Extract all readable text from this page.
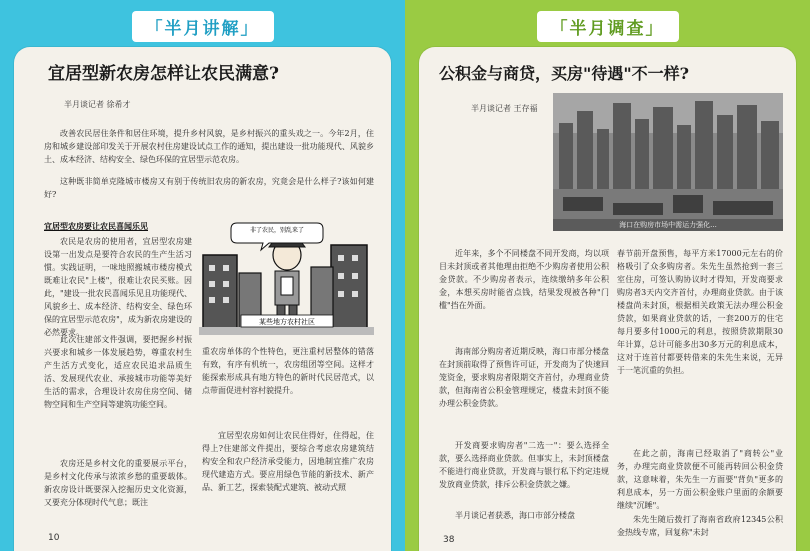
「半月讲解」
宜居型新农房怎样让农民满意?
半月谈记者 徐希才

改善农民居住条件和居住环境，提升乡村风貌，是乡村振兴的重头戏之一。今年2月，住房和城乡建设部印发关于开展农村住房建设试点工作的通知，提出建设一批功能现代、风貌乡土、成本经济、结构安全、绿色环保的宜居型示范农房。

这种既非简单克隆城市楼房又有别于传统旧农房的新农房，究竟会是什么样子?该如何建好?

宜居型农房要让农民喜闻乐见

农民是农房的使用者，宜居型农房建设第一出发点是要符合农民的生产生活习惯。实践证明，一味地照搬城市楼房模式既难让农民"上楼"，很难让农民买账。因此，"建设一批农民喜闻乐见且功能现代、风貌乡土、成本经济、结构安全、绿色环保的宜居型示范农房"，成为新农房建设的必然要求。

此次住建部文件强调，要把握乡村振兴要求和城乡一体发展趋势，尊重农村生产生活方式变化，适应农民追求品质生活、发展现代农业、承接城市功能等美好生活的需求，合理设计农房住房空间、储物空间和生产空间等建筑功能空间。

农房还是乡村文化的重要展示平台，是乡村文化传承与浓浓乡愁的重要载体。新农房设计既要深入挖掘历史文化资源，又要充分体现时代气息；既注

非了农民，别乱来了
某些地方农村社区

重农房单体的个性特色，更注重村居整体的错落有致，有序有机统一，农房组团等空间。这样才能探索形成具有地方特色的新时代民居范式，以点带面促进村容村貌提升。

宜居型农房如何让农民住得好，住得起，住得上?住建部文件提出，要综合考虑农房建筑结构安全和农户经济承受能力，因地制宜推广农房现代建造方式。要应用绿色节能的新技术、新产品、新工艺，探索装配式建筑、被动式照

10
「半月调查」
公积金与商贷，买房"待遇"不一样?
半月谈记者 王存福
海口在购房市场中需运力强化...

近年来，多个不同楼盘不同开发商，均以项目未封顶或者其他理由拒绝不少购房者使用公积金贷款。不少购房者表示，连续缴纳多年公积金，本想买房时能省点钱，结果发现被各种"门槛"挡在外面。

海南部分购房者近期反映，海口市部分楼盘在封顶前取得了预售许可证，开发商为了快速回笼资金，要求购房者限期交齐首付，办理商业贷款，但海南省公积金管理规定，楼盘未封顶不能办理公积金贷款。

开发商要求购房者"二选一"：要么选择全款，要么选择商业贷款。但事实上，未封顶楼盘不能进行商业贷款，开发商与银行私下约定违规发放商业贷款，排斥公积金贷款之嫌。

半月谈记者获悉，海口市部分楼盘

春节前开盘预售，每平方米17000元左右的价格吸引了众多购房者。朱先生虽然抢到一套三室住房，可签认购协议时才得知，开发商要求购房者3天内交齐首付，办理商业贷款。由于该楼盘尚未封顶，根据相关政策无法办理公积金贷款，如果商业贷款的话，一套200万的住宅每月要多付1000元的利息，按照贷款期限30年计算，总计可能多出30多万元的利息成本，这对于连首付都要转借来的朱先生来说，无异于一笔沉重的负担。

在此之前，海南已经取消了"商转公"业务，办理完商业贷款便不可能再转回公积金贷款，这意味着，朱先生一方面要"背负"更多的利息成本，另一方面公积金账户里面的余额要继续"沉睡"。

朱先生随后拨打了海南省政府12345公积金热线专席，回复称"未封

38
